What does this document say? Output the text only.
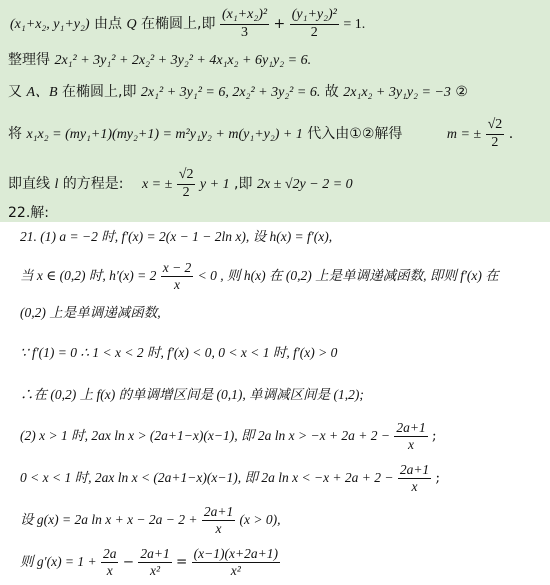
(x₁+x₂, y₁+y₂) 由点 Q 在椭圆上,即 $\frac{\text{(x₁+x₂)²}}{3} + \frac{\text{(y₁+y₂)²}}{2} = 1$.
整理得 2x₁² + 3y₁² + 2x₂² + 3y₂² + 4x₁x₂ + 6y₁y₂ = 6.
又 A、B 在椭圆上,即 2x₁² + 3y₁² = 6, 2x₂² + 3y₂² = 6. 故 2x₁x₂ + 3y₁y₂ = −3 ②
将 x₁x₂ = (my₁+1)(my₂+1) = m²y₁y₂ + m(y₁+y₂) + 1 代入由①②解得	m = ± $\frac{√2}{2}$ .
即直线 l 的方程是: x = ± $\frac{√2}{2}$ y + 1 ,即 2x ± √2y − 2 = 0
22.解:
21. (1) a = −2 时, f′(x) = 2(x − 1 − 2ln x), 设 h(x) = f′(x),
当 x ∈ (0,2) 时, $h'(x) = 2 \frac{x - 2}{x} < 0$ , 则 h(x) 在 (0,2) 上是单调递减函数, 即则 f′(x) 在
(0,2) 上是单调递减函数,
∵ f′(1) = 0 ∴ 1 < x < 2 时, f′(x) < 0, 0 < x < 1 时, f′(x) > 0
∴在 (0,2) 上 f(x) 的单调增区间是 (0,1), 单调减区间是 (1,2);
(2) x > 1 时, 2ax ln x > (2a+1−x)(x−1), 即 2a $\ln x > -x + 2a + 2 - \frac{2a+1}{x}$ ;
0 < x < 1 时, 2ax ln x < (2a+1−x)(x−1), 即 2a $\ln x < -x + 2a + 2 - \frac{2a+1}{x}$ ;
设 g(x) = 2a $\ln x + x - 2a - 2 + \frac{2a+1}{x} (x > 0)$,
则 $g'(x) = 1 + \frac{2a}{x} - \frac{2a+1}{\text{x²}} = \frac{(x-1)(x+2a+1)}{\text{x²}}$
